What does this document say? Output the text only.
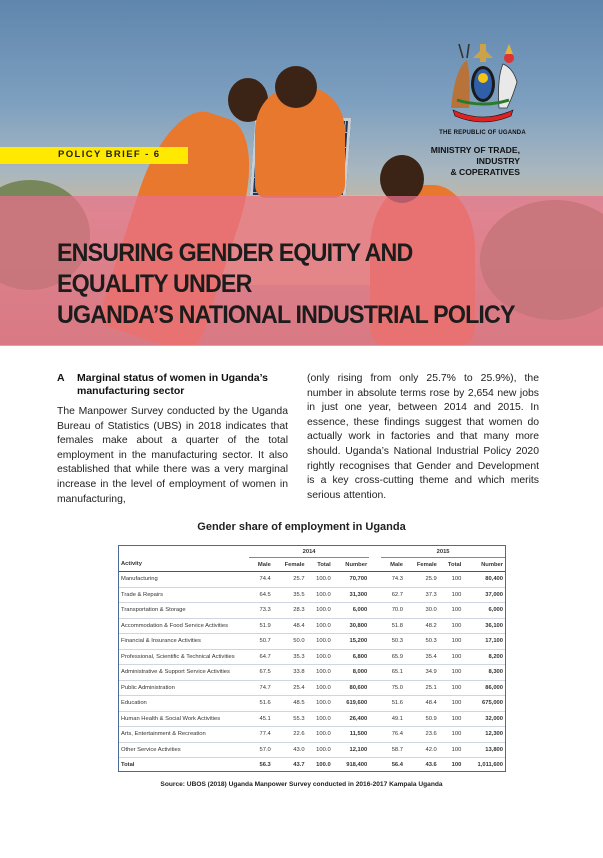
POLICY BRIEF - 6
THE REPUBLIC OF UGANDA
MINISTRY OF TRADE, INDUSTRY
& COPERATIVES
ENSURING GENDER EQUITY AND EQUALITY UNDER
UGANDA’S NATIONAL INDUSTRIAL POLICY
A Marginal status of women in Uganda’s manufacturing sector
The Manpower Survey conducted by the Uganda Bureau of Statistics (UBS) in 2018 indicates that females make about a quarter of the total employment in the manufacturing sector. It also established that while there was a very marginal increase in the level of employment of women in manufacturing,
(only rising from only 25.7% to 25.9%), the number in absolute terms rose by 2,654 new jobs in just one year, between 2014 and 2015. In essence, these findings suggest that women do actually work in factories and that many more should. Uganda’s National Industrial Policy 2020 rightly recognises that Gender and Development is a key cross-cutting theme and which merits serious attention.
Gender share of employment in Uganda
	2014					2015			
Activity	Male	Female	Total	Number		Male	Female	Total	Number
Manufacturing	74.4	25.7	100.0	70,700		74.3	25.9	100	80,400
Trade & Repairs	64.5	35.5	100.0	31,300		62.7	37.3	100	37,000
Transportation & Storage	73.3	28.3	100.0	6,000		70.0	30.0	100	6,000
Accommodation & Food Service Activities	51.9	48.4	100.0	30,800		51.8	48.2	100	36,100
Financial & Insurance Activities	50.7	50.0	100.0	15,200		50.3	50.3	100	17,100
Professional, Scientific & Technical Activities	64.7	35.3	100.0	6,800		65.9	35.4	100	8,200
Administrative & Support Service Activities	67.5	33.8	100.0	8,000		65.1	34.9	100	8,300
Public Administration	74.7	25.4	100.0	80,600		75.0	25.1	100	86,000
Education	51.6	48.5	100.0	619,600		51.6	48.4	100	675,000
Human Health & Social Work Activities	45.1	55.3	100.0	26,400		49.1	50.9	100	32,000
Arts, Entertainment & Recreation	77.4	22.6	100.0	11,500		76.4	23.6	100	12,300
Other Service Activities	57.0	43.0	100.0	12,100		58.7	42.0	100	13,800
Total	56.3	43.7	100.0	918,400		56.4	43.6	100	1,011,600
Source: UBOS (2018) Uganda Manpower Survey conducted in 2016-2017 Kampala Uganda
